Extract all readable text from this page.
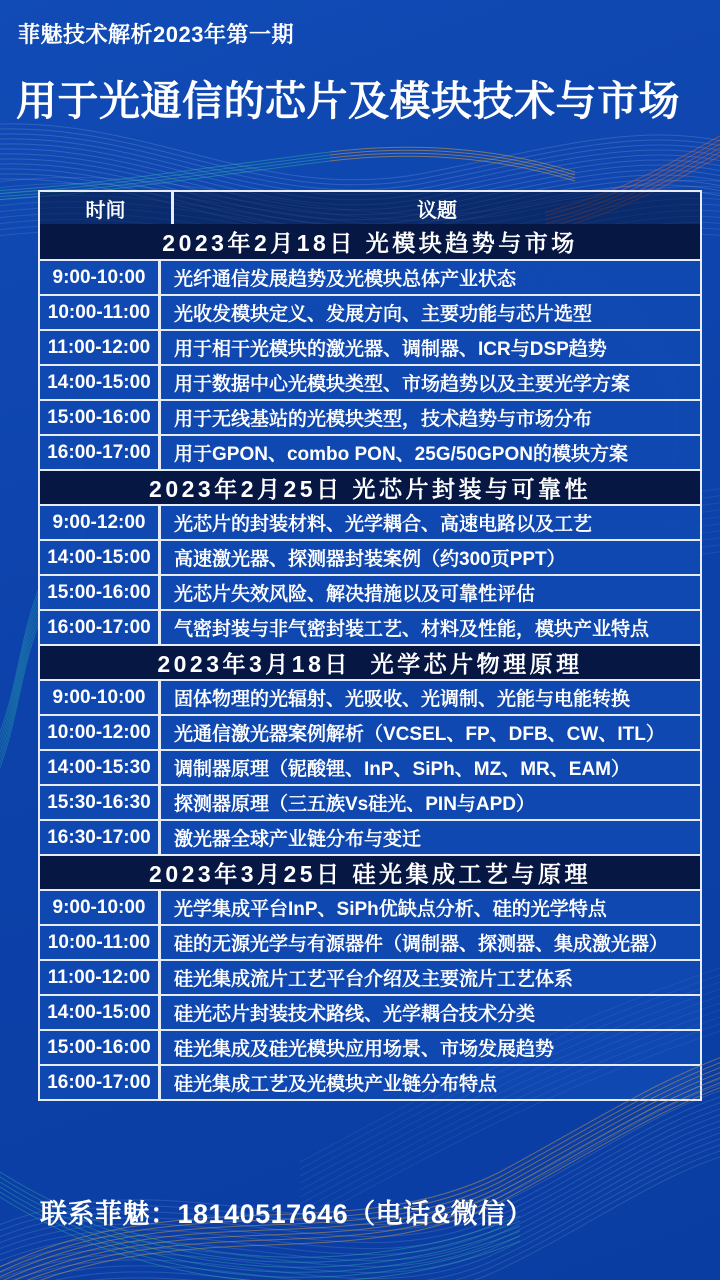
菲魅技术解析2023年第一期
用于光通信的芯片及模块技术与市场
时间	议题
2023年2月18日 光模块趋势与市场
9:00-10:00	光纤通信发展趋势及光模块总体产业状态
10:00-11:00	光收发模块定义、发展方向、主要功能与芯片选型
11:00-12:00	用于相干光模块的激光器、调制器、ICR与DSP趋势
14:00-15:00	用于数据中心光模块类型、市场趋势以及主要光学方案
15:00-16:00	用于无线基站的光模块类型，技术趋势与市场分布
16:00-17:00	用于GPON、combo PON、25G/50GPON的模块方案
2023年2月25日 光芯片封装与可靠性
9:00-12:00	光芯片的封装材料、光学耦合、高速电路以及工艺
14:00-15:00	高速激光器、探测器封装案例（约300页PPT）
15:00-16:00	光芯片失效风险、解决措施以及可靠性评估
16:00-17:00	气密封装与非气密封装工艺、材料及性能，模块产业特点
2023年3月18日  光学芯片物理原理
9:00-10:00	固体物理的光辐射、光吸收、光调制、光能与电能转换
10:00-12:00	光通信激光器案例解析（VCSEL、FP、DFB、CW、ITL）
14:00-15:30	调制器原理（铌酸锂、InP、SiPh、MZ、MR、EAM）
15:30-16:30	探测器原理（三五族Vs硅光、PIN与APD）
16:30-17:00	激光器全球产业链分布与变迁
2023年3月25日 硅光集成工艺与原理
9:00-10:00	光学集成平台InP、SiPh优缺点分析、硅的光学特点
10:00-11:00	硅的无源光学与有源器件（调制器、探测器、集成激光器）
11:00-12:00	硅光集成流片工艺平台介绍及主要流片工艺体系
14:00-15:00	硅光芯片封装技术路线、光学耦合技术分类
15:00-16:00	硅光集成及硅光模块应用场景、市场发展趋势
16:00-17:00	硅光集成工艺及光模块产业链分布特点
联系菲魅：18140517646（电话&微信）
